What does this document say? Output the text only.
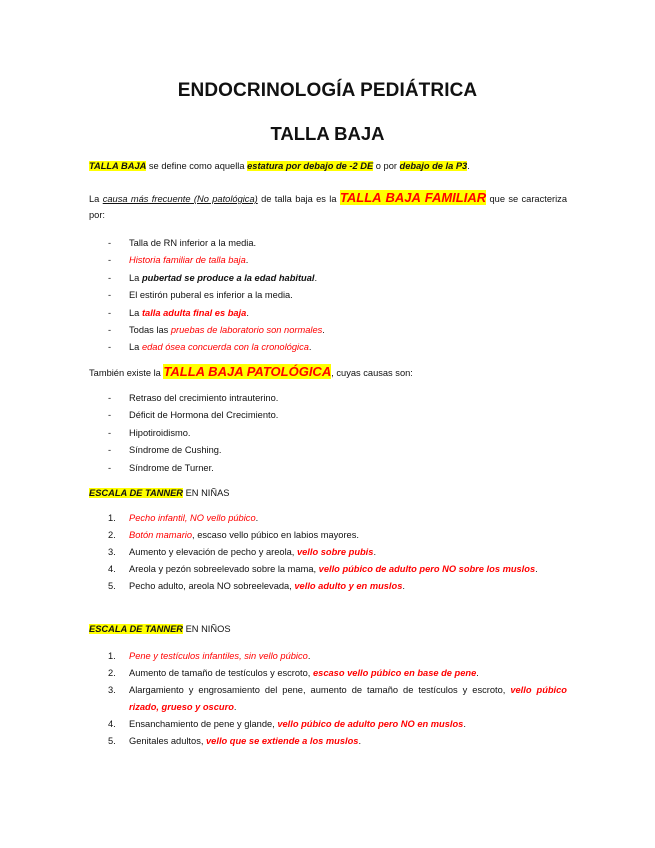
ENDOCRINOLOGÍA PEDIÁTRICA
TALLA BAJA
TALLA BAJA se define como aquella estatura por debajo de -2 DE o por debajo de la P3.
La causa más frecuente (No patológica) de talla baja es la TALLA BAJA FAMILIAR que se caracteriza por:
- Talla de RN inferior a la media.
- Historia familiar de talla baja.
- La pubertad se produce a la edad habitual.
- El estirón puberal es inferior a la media.
- La talla adulta final es baja.
- Todas las pruebas de laboratorio son normales.
- La edad ósea concuerda con la cronológica.
También existe la TALLA BAJA PATOLÓGICA, cuyas causas son:
- Retraso del crecimiento intrauterino.
- Déficit de Hormona del Crecimiento.
- Hipotiroidismo.
- Síndrome de Cushing.
- Síndrome de Turner.
ESCALA DE TANNER EN NIÑAS
1. Pecho infantil, NO vello púbico.
2. Botón mamario, escaso vello púbico en labios mayores.
3. Aumento y elevación de pecho y areola, vello sobre pubis.
4. Areola y pezón sobreelevado sobre la mama, vello púbico de adulto pero NO sobre los muslos.
5. Pecho adulto, areola NO sobreelevada, vello adulto y en muslos.
ESCALA DE TANNER EN NIÑOS
1. Pene y testículos infantiles, sin vello púbico.
2. Aumento de tamaño de testículos y escroto, escaso vello púbico en base de pene.
3. Alargamiento y engrosamiento del pene, aumento de tamaño de testículos y escroto, vello púbico rizado, grueso y oscuro.
4. Ensanchamiento de pene y glande, vello púbico de adulto pero NO en muslos.
5. Genitales adultos, vello que se extiende a los muslos.
